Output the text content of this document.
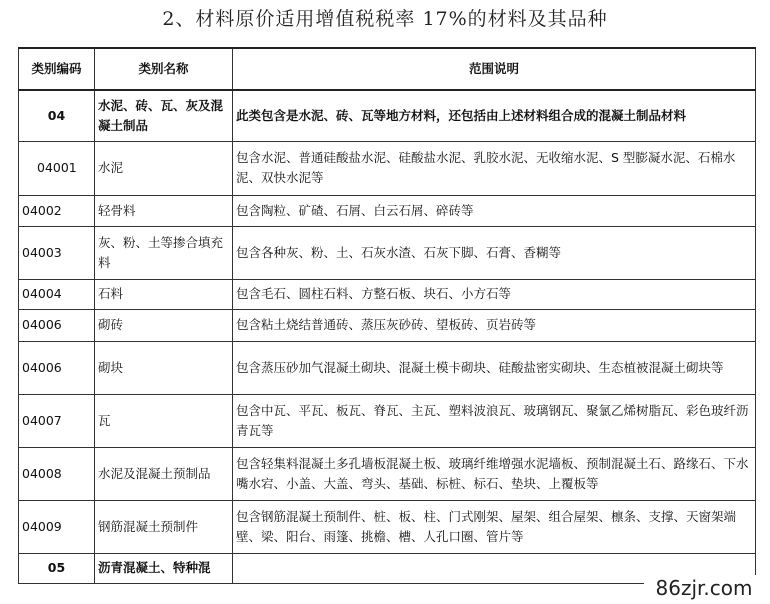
2、材料原价适用增值税税率 17%的材料及其品种
类别编码	类别名称	范围说明
04	水泥、砖、瓦、灰及混凝土制品	此类包含是水泥、砖、瓦等地方材料，还包括由上述材料组合成的混凝土制品材料
04001	水泥	包含水泥、普通硅酸盐水泥、硅酸盐水泥、乳胶水泥、无收缩水泥、S 型膨凝水泥、石棉水泥、双快水泥等
04002	轻骨料	包含陶粒、矿碴、石屑、白云石屑、碎砖等
04003	灰、粉、土等掺合填充料	包含各种灰、粉、土、石灰水渣、石灰下脚、石膏、香糊等
04004	石料	包含毛石、圆柱石料、方整石板、块石、小方石等
04006	砌砖	包含粘土烧结普通砖、蒸压灰砂砖、望板砖、页岩砖等
04006	砌块	包含蒸压砂加气混凝土砌块、混凝土模卡砌块、硅酸盐密实砌块、生态植被混凝土砌块等
04007	瓦	包含中瓦、平瓦、板瓦、脊瓦、主瓦、塑料波浪瓦、玻璃钢瓦、聚氯乙烯树脂瓦、彩色玻纤沥青瓦等
04008	水泥及混凝土预制品	包含轻集料混凝土多孔墙板混凝土板、玻璃纤维增强水泥墙板、预制混凝土石、路缘石、下水嘴水宕、小盖、大盖、弯头、基础、标桩、标石、垫块、上覆板等
04009	钢筋混凝土预制件	包含钢筋混凝土预制件、桩、板、柱、门式刚架、屋架、组合屋架、檩条、支撑、天窗架端壁、梁、阳台、雨篷、挑檐、槽、人孔口圈、管片等
05	沥青混凝土、特种混	
86zjr.com
